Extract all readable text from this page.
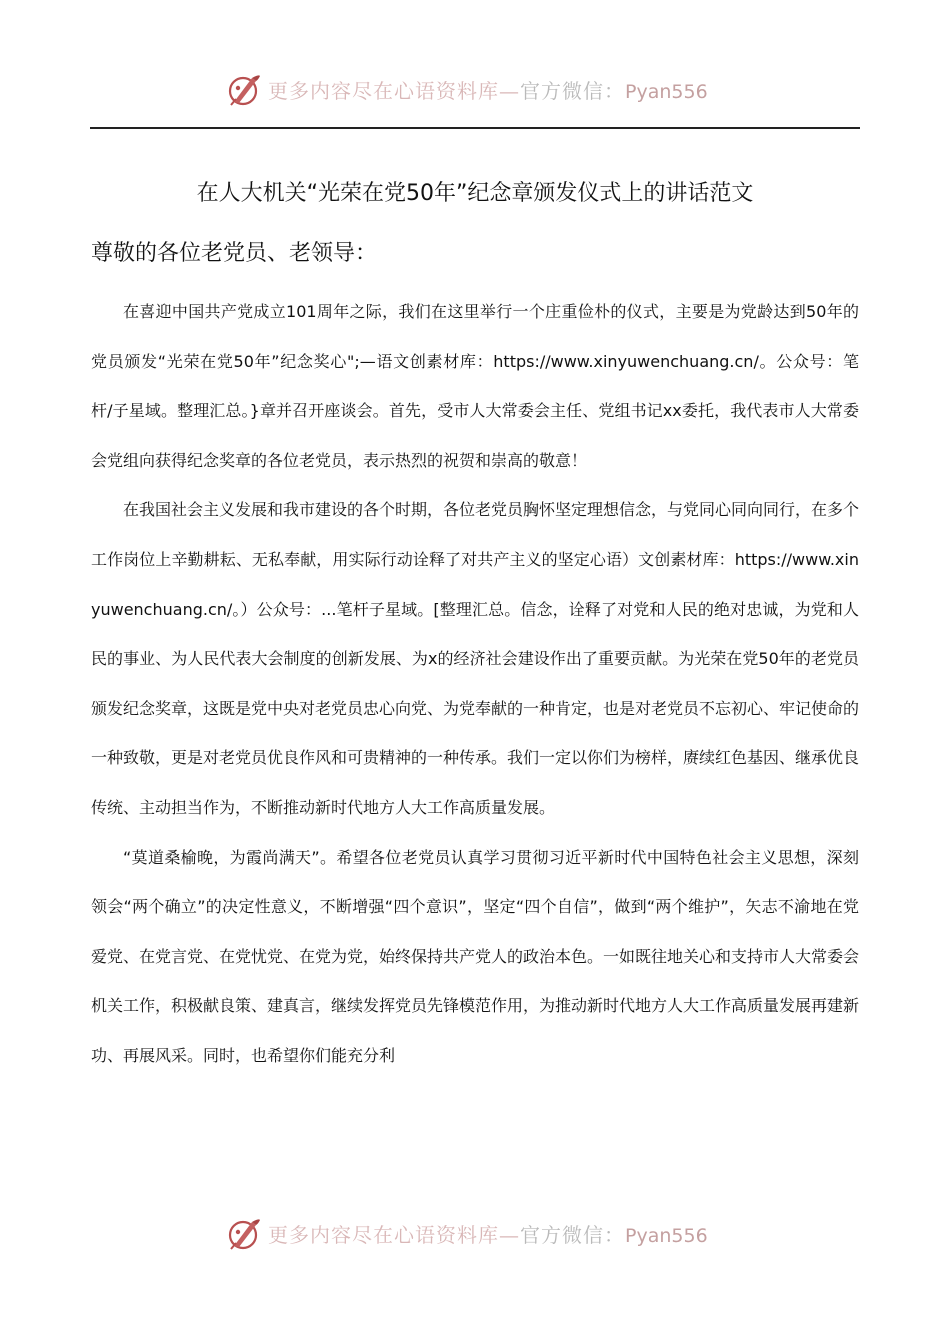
更多内容尽在心语资料库—官方微信：Pyan556
在人大机关“光荣在党50年”纪念章颁发仪式上的讲话范文
尊敬的各位老党员、老领导：

在喜迎中国共产党成立101周年之际，我们在这里举行一个庄重俭朴的仪式，主要是为党龄达到50年的党员颁发“光荣在党50年”纪念奖心";—语文创素材库：https://www.xinyuwenchuang.cn/。公众号：笔杆/子星域。整理汇总。}章并召开座谈会。首先，受市人大常委会主任、党组书记xx委托，我代表市人大常委会党组向获得纪念奖章的各位老党员，表示热烈的祝贺和崇高的敬意！

在我国社会主义发展和我市建设的各个时期，各位老党员胸怀坚定理想信念，与党同心同向同行，在多个工作岗位上辛勤耕耘、无私奉献，用实际行动诠释了对共产主义的坚定心语）文创素材库：https://www.xinyuwenchuang.cn/。）公众号：...笔杆子星域。[整理汇总。信念，诠释了对党和人民的绝对忠诚，为党和人民的事业、为人民代表大会制度的创新发展、为x的经济社会建设作出了重要贡献。为光荣在党50年的老党员颁发纪念奖章，这既是党中央对老党员忠心向党、为党奉献的一种肯定，也是对老党员不忘初心、牢记使命的一种致敬，更是对老党员优良作风和可贵精神的一种传承。我们一定以你们为榜样，赓续红色基因、继承优良传统、主动担当作为，不断推动新时代地方人大工作高质量发展。

“莫道桑榆晚，为霞尚满天”。希望各位老党员认真学习贯彻习近平新时代中国特色社会主义思想，深刻领会“两个确立”的决定性意义，不断增强“四个意识”，坚定“四个自信”，做到“两个维护”，矢志不渝地在党爱党、在党言党、在党忧党、在党为党，始终保持共产党人的政治本色。一如既往地关心和支持市人大常委会机关工作，积极献良策、建真言，继续发挥党员先锋模范作用，为推动新时代地方人大工作高质量发展再建新功、再展风采。同时，也希望你们能充分利

更多内容尽在心语资料库—官方微信：Pyan556
